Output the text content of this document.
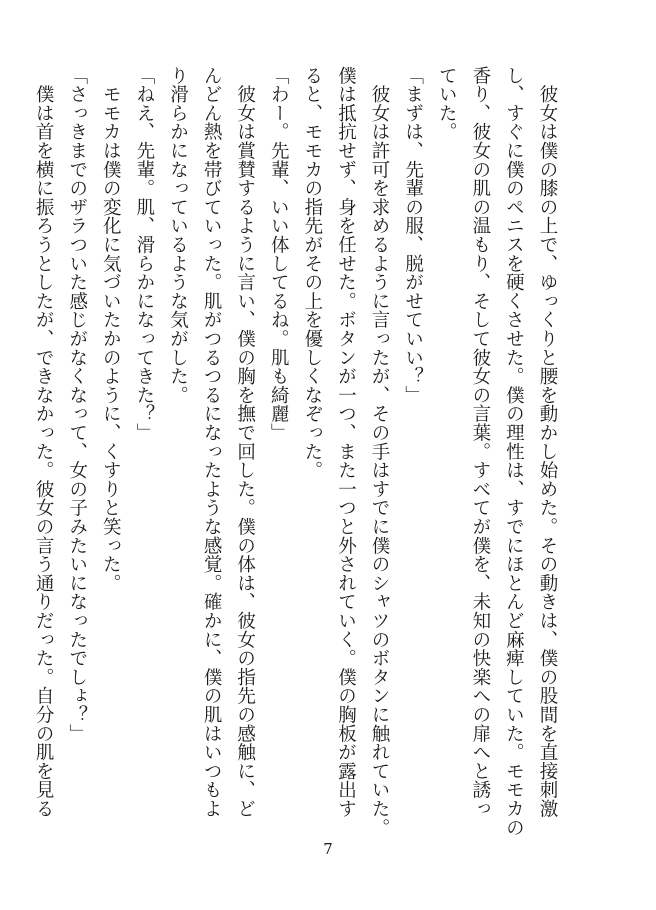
　彼女は僕の膝の上で、ゆっくりと腰を動かし始めた。その動きは、僕の股間を直接刺激
し、すぐに僕のペニスを硬くさせた。僕の理性は、すでにほとんど麻痺していた。モモカの
香り、彼女の肌の温もり、そして彼女の言葉。すべてが僕を、未知の快楽への扉へと誘っ
ていた。
「まずは、先輩の服、脱がせていい？」
　彼女は許可を求めるように言ったが、その手はすでに僕のシャツのボタンに触れていた。
僕は抵抗せず、身を任せた。ボタンが一つ、また一つと外されていく。僕の胸板が露出す
ると、モモカの指先がその上を優しくなぞった。
「わー。先輩、いい体してるね。肌も綺麗」
　彼女は賞賛するように言い、僕の胸を撫で回した。僕の体は、彼女の指先の感触に、ど
んどん熱を帯びていった。肌がつるつるになったような感覚。確かに、僕の肌はいつもよ
り滑らかになっているような気がした。
「ねえ、先輩。肌、滑らかになってきた？」
　モモカは僕の変化に気づいたかのように、くすりと笑った。
「さっきまでのザラついた感じがなくなって、女の子みたいになったでしょ？」
　僕は首を横に振ろうとしたが、できなかった。彼女の言う通りだった。自分の肌を見る
7
